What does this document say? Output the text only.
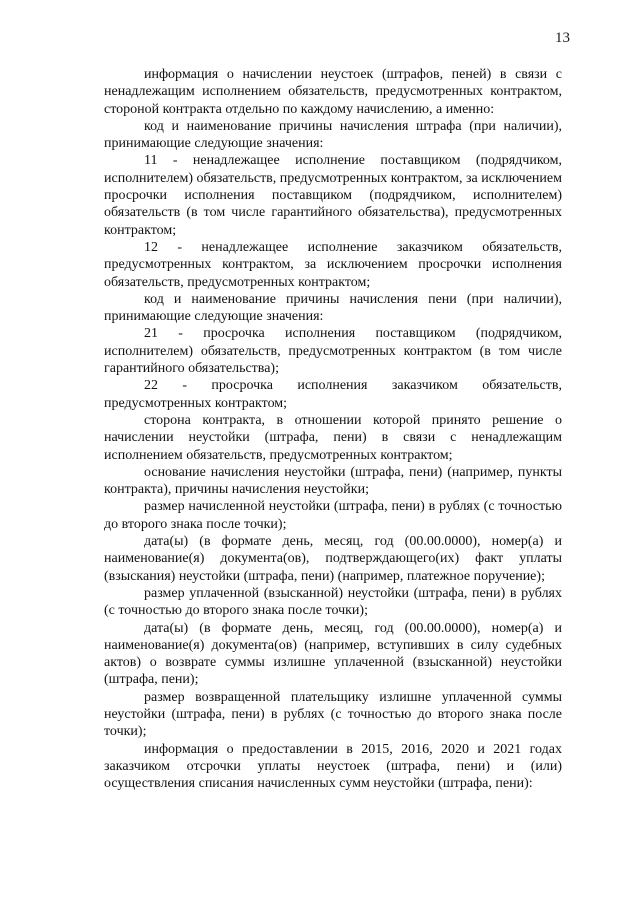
13

информация о начислении неустоек (штрафов, пеней) в связи с ненадлежащим исполнением обязательств, предусмотренных контрактом, стороной контракта отдельно по каждому начислению, а именно:

код и наименование причины начисления штрафа (при наличии), принимающие следующие значения:

11 - ненадлежащее исполнение поставщиком (подрядчиком, исполнителем) обязательств, предусмотренных контрактом, за исключением просрочки исполнения поставщиком (подрядчиком, исполнителем) обязательств (в том числе гарантийного обязательства), предусмотренных контрактом;

12 - ненадлежащее исполнение заказчиком обязательств, предусмотренных контрактом, за исключением просрочки исполнения обязательств, предусмотренных контрактом;

код и наименование причины начисления пени (при наличии), принимающие следующие значения:

21 - просрочка исполнения поставщиком (подрядчиком, исполнителем) обязательств, предусмотренных контрактом (в том числе гарантийного обязательства);

22 - просрочка исполнения заказчиком обязательств, предусмотренных контрактом;

сторона контракта, в отношении которой принято решение о начислении неустойки (штрафа, пени) в связи с ненадлежащим исполнением обязательств, предусмотренных контрактом;

основание начисления неустойки (штрафа, пени) (например, пункты контракта), причины начисления неустойки;

размер начисленной неустойки (штрафа, пени) в рублях (с точностью до второго знака после точки);

дата(ы) (в формате день, месяц, год (00.00.0000), номер(а) и наименование(я) документа(ов), подтверждающего(их) факт уплаты (взыскания) неустойки (штрафа, пени) (например, платежное поручение);

размер уплаченной (взысканной) неустойки (штрафа, пени) в рублях (с точностью до второго знака после точки);

дата(ы) (в формате день, месяц, год (00.00.0000), номер(а) и наименование(я) документа(ов) (например, вступивших в силу судебных актов) о возврате суммы излишне уплаченной (взысканной) неустойки (штрафа, пени);

размер возвращенной плательщику излишне уплаченной суммы неустойки (штрафа, пени) в рублях (с точностью до второго знака после точки);

информация о предоставлении в 2015, 2016, 2020 и 2021 годах заказчиком отсрочки уплаты неустоек (штрафа, пени) и (или) осуществления списания начисленных сумм неустойки (штрафа, пени):
